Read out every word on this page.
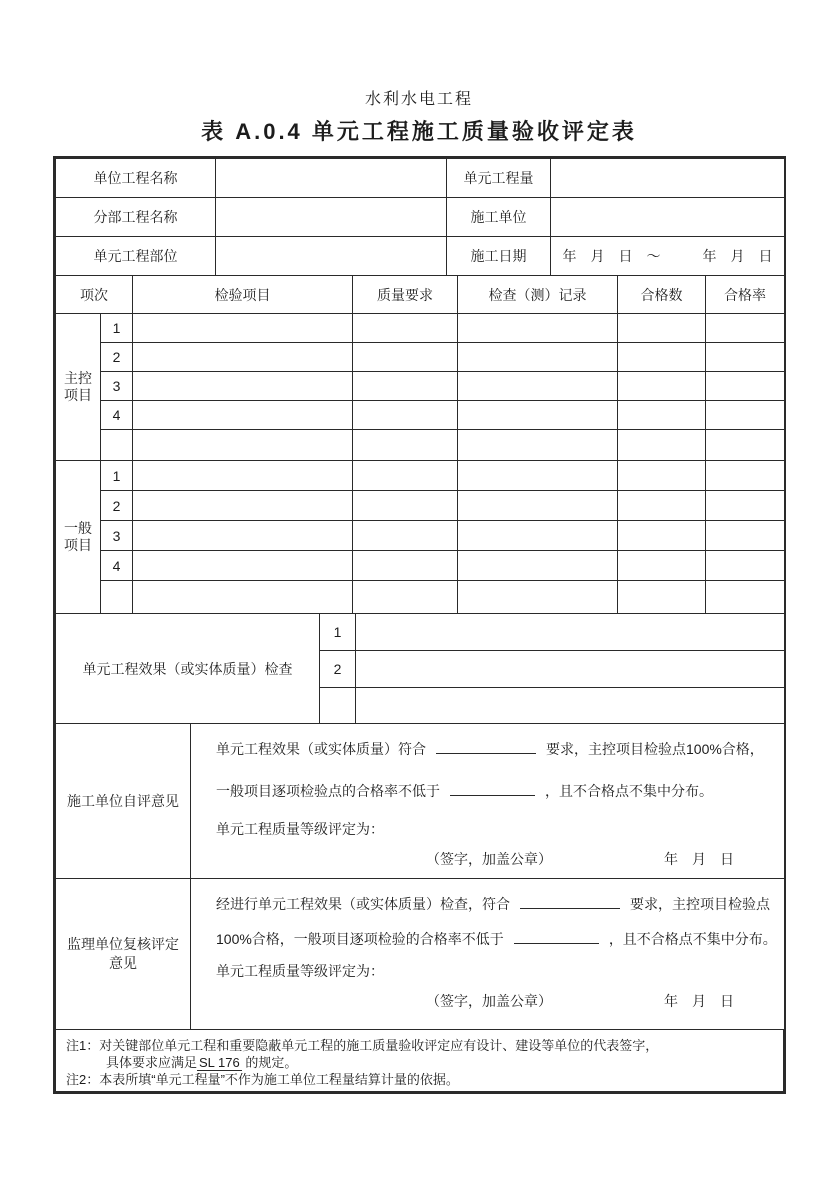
水利水电工程
表 A.0.4 单元工程施工质量验收评定表
单位工程名称		单元工程量	
分部工程名称		施工单位	
单元工程部位		施工日期	年　月　日　～　　　年　月　日
项次		检验项目	质量要求	检查（测）记录	合格数	合格率
主控项目	1					
	2					
	3					
	4					

一般项目	1					
	2					
	3					
	4					

单元工程效果（或实体质量）检查	1	
	2	

施工单位自评意见	
单元工程效果（或实体质量）符合	要求，主控项目检验点100%合格，
一般项目逐项检验点的合格率不低于	，且不合格点不集中分布。
单元工程质量等级评定为：
（签字，加盖公章）	年　月　日
监理单位复核评定意见	
经进行单元工程效果（或实体质量）检查，符合	要求，主控项目检验点
100%合格，一般项目逐项检验的合格率不低于	，且不合格点不集中分布。
单元工程质量等级评定为：
（签字，加盖公章）	年　月　日
注1：对关键部位单元工程和重要隐蔽单元工程的施工质量验收评定应有设计、建设等单位的代表签字，
具体要求应满足 SL 176 的规定。
注2：本表所填“单元工程量”不作为施工单位工程量结算计量的依据。
